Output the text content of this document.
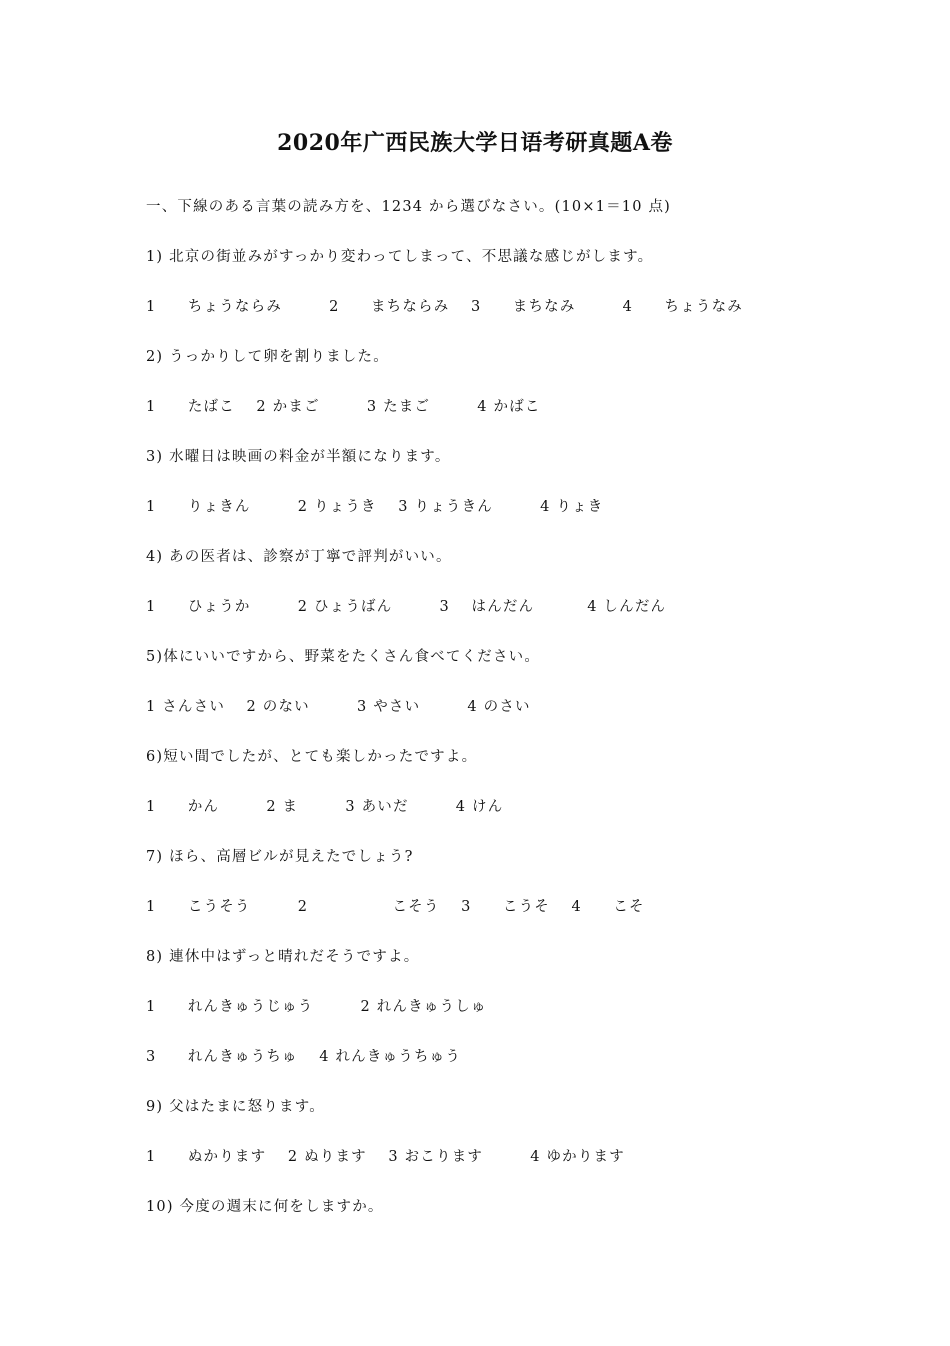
2020年广西民族大学日语考研真题A卷
一、下線のある言葉の読み方を、1234 から選びなさい。(10×1＝10 点)
1) 北京の街並みがすっかり変わってしまって、不思議な感じがします。
1　　ちょうならみ　　　2　　まちならみ　 3　　まちなみ　　　4　　ちょうなみ
2) うっかりして卵を割りました。
1　　たばこ　 2 かまご　　　3 たまご　　　4 かばこ
3) 水曜日は映画の料金が半額になります。
1　　りょきん　　　2 りょうき　 3 りょうきん　　　4 りょき
4) あの医者は、診察が丁寧で評判がいい。
1　　ひょうか　　　2 ひょうばん　　　3　 はんだん　　　 4 しんだん
5)体にいいですから、野菜をたくさん食べてください。
1 さんさい　 2 のない　　　3 やさい　　　4 のさい
6)短い間でしたが、とても楽しかったですよ。
1　　かん　　　2 ま　　　3 あいだ　　　4 けん
7) ほら、高層ビルが見えたでしょう?
1　　こうそう　　　2　　　　　 こそう　 3　　こうそ　 4　　こそ
8) 連休中はずっと晴れだそうですよ。
1　　れんきゅうじゅう　　　2 れんきゅうしゅ
3　　れんきゅうちゅ　 4 れんきゅうちゅう
9) 父はたまに怒ります。
1　　ぬかります　 2 ぬります　 3 おこります　　　4 ゆかります
10) 今度の週末に何をしますか。
